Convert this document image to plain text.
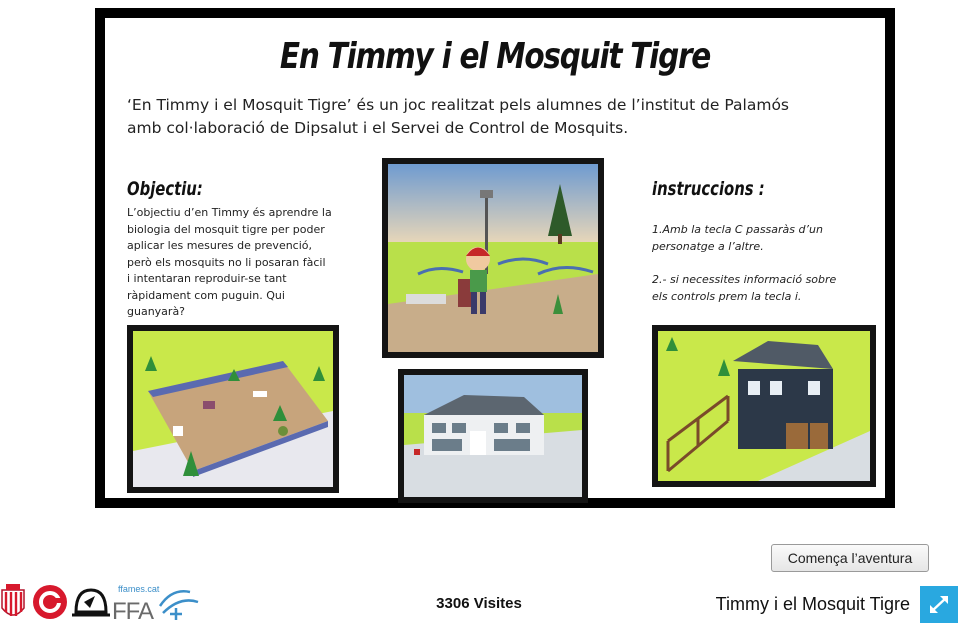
En Timmy i el Mosquit Tigre
‘En Timmy i el Mosquit Tigre’ és un joc realitzat pels alumnes de l’institut de Palamós amb col·laboració de Dipsalut i el Servei de Control de Mosquits.
Objectiu:
L’objectiu d’en Timmy és aprendre la biologia del mosquit tigre per poder aplicar les mesures de prevenció, però els mosquits no li posaran fàcil i intentaran reproduir-se tant ràpidament com puguin. Qui guanyarà?
instruccions :
1.Amb la tecla C passaràs d’un personatge a l’altre.
2.- si necessites informació sobre els controls prem la tecla i.
Comença l’aventura
ffames.cat
FFA	3306 Visites	Timmy i el Mosquit Tigre
